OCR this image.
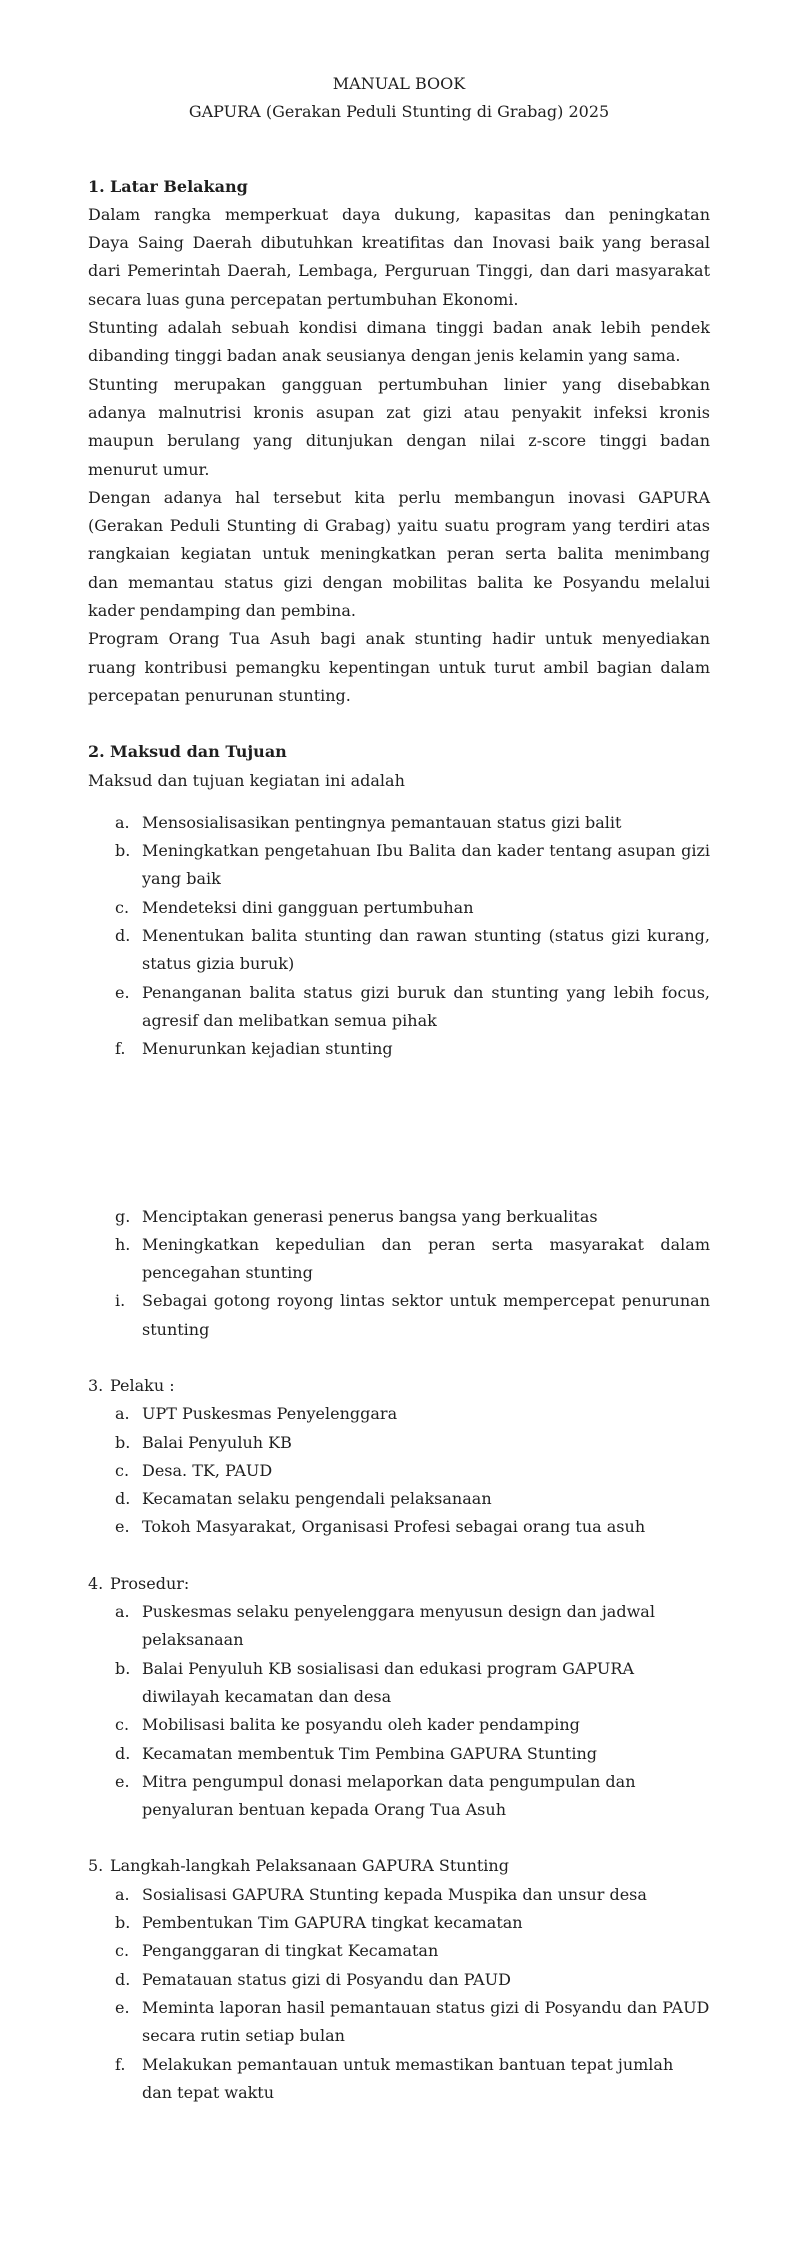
MANUAL BOOK
GAPURA (Gerakan Peduli Stunting di Grabag) 2025
1. Latar Belakang
Dalam rangka memperkuat daya dukung, kapasitas dan peningkatan
Daya Saing Daerah dibutuhkan kreatifitas dan Inovasi baik yang berasal
dari Pemerintah Daerah, Lembaga, Perguruan Tinggi, dan dari masyarakat
secara luas guna percepatan pertumbuhan Ekonomi.
Stunting adalah sebuah kondisi dimana tinggi badan anak lebih pendek
dibanding tinggi badan anak seusianya dengan jenis kelamin yang sama.
Stunting merupakan gangguan pertumbuhan linier yang disebabkan
adanya malnutrisi kronis asupan zat gizi atau penyakit infeksi kronis
maupun berulang yang ditunjukan dengan nilai z-score tinggi badan
menurut umur.
Dengan adanya hal tersebut kita perlu membangun inovasi GAPURA
(Gerakan Peduli Stunting di Grabag) yaitu suatu program yang terdiri atas
rangkaian kegiatan untuk meningkatkan peran serta balita menimbang
dan memantau status gizi dengan mobilitas balita ke Posyandu melalui
kader pendamping dan pembina.
Program Orang Tua Asuh bagi anak stunting hadir untuk menyediakan
ruang kontribusi pemangku kepentingan untuk turut ambil bagian dalam
percepatan penurunan stunting.
2. Maksud dan Tujuan
Maksud dan tujuan kegiatan ini adalah
a. Mensosialisasikan pentingnya pemantauan status gizi balit
b. Meningkatkan pengetahuan Ibu Balita dan kader tentang asupan gizi
yang baik
c. Mendeteksi dini gangguan pertumbuhan
d. Menentukan balita stunting dan rawan stunting (status gizi kurang,
status gizia buruk)
e. Penanganan balita status gizi buruk dan stunting yang lebih focus,
agresif dan melibatkan semua pihak
f.	Menurunkan kejadian stunting
g. Menciptakan generasi penerus bangsa yang berkualitas
h. Meningkatkan kepedulian dan peran serta masyarakat dalam
pencegahan stunting
i.	Sebagai gotong royong lintas sektor untuk mempercepat penurunan
stunting
3. Pelaku :
a. UPT Puskesmas Penyelenggara
b. Balai Penyuluh KB
c. Desa. TK, PAUD
d. Kecamatan selaku pengendali pelaksanaan
e. Tokoh Masyarakat, Organisasi Profesi sebagai orang tua asuh
4. Prosedur:
a. Puskesmas selaku penyelenggara menyusun design dan jadwal
pelaksanaan
b. Balai Penyuluh KB sosialisasi dan edukasi program GAPURA
diwilayah kecamatan dan desa
c. Mobilisasi balita ke posyandu oleh kader pendamping
d. Kecamatan membentuk Tim Pembina GAPURA Stunting
e. Mitra pengumpul donasi melaporkan data pengumpulan dan
penyaluran bentuan kepada Orang Tua Asuh
5. Langkah-langkah Pelaksanaan GAPURA Stunting
a. Sosialisasi GAPURA Stunting kepada Muspika dan unsur desa
b. Pembentukan Tim GAPURA tingkat kecamatan
c. Penganggaran di tingkat Kecamatan
d. Pematauan status gizi di Posyandu dan PAUD
e. Meminta laporan hasil pemantauan status gizi di Posyandu dan PAUD
secara rutin setiap bulan
f.	Melakukan pemantauan untuk memastikan bantuan tepat jumlah
dan tepat waktu
